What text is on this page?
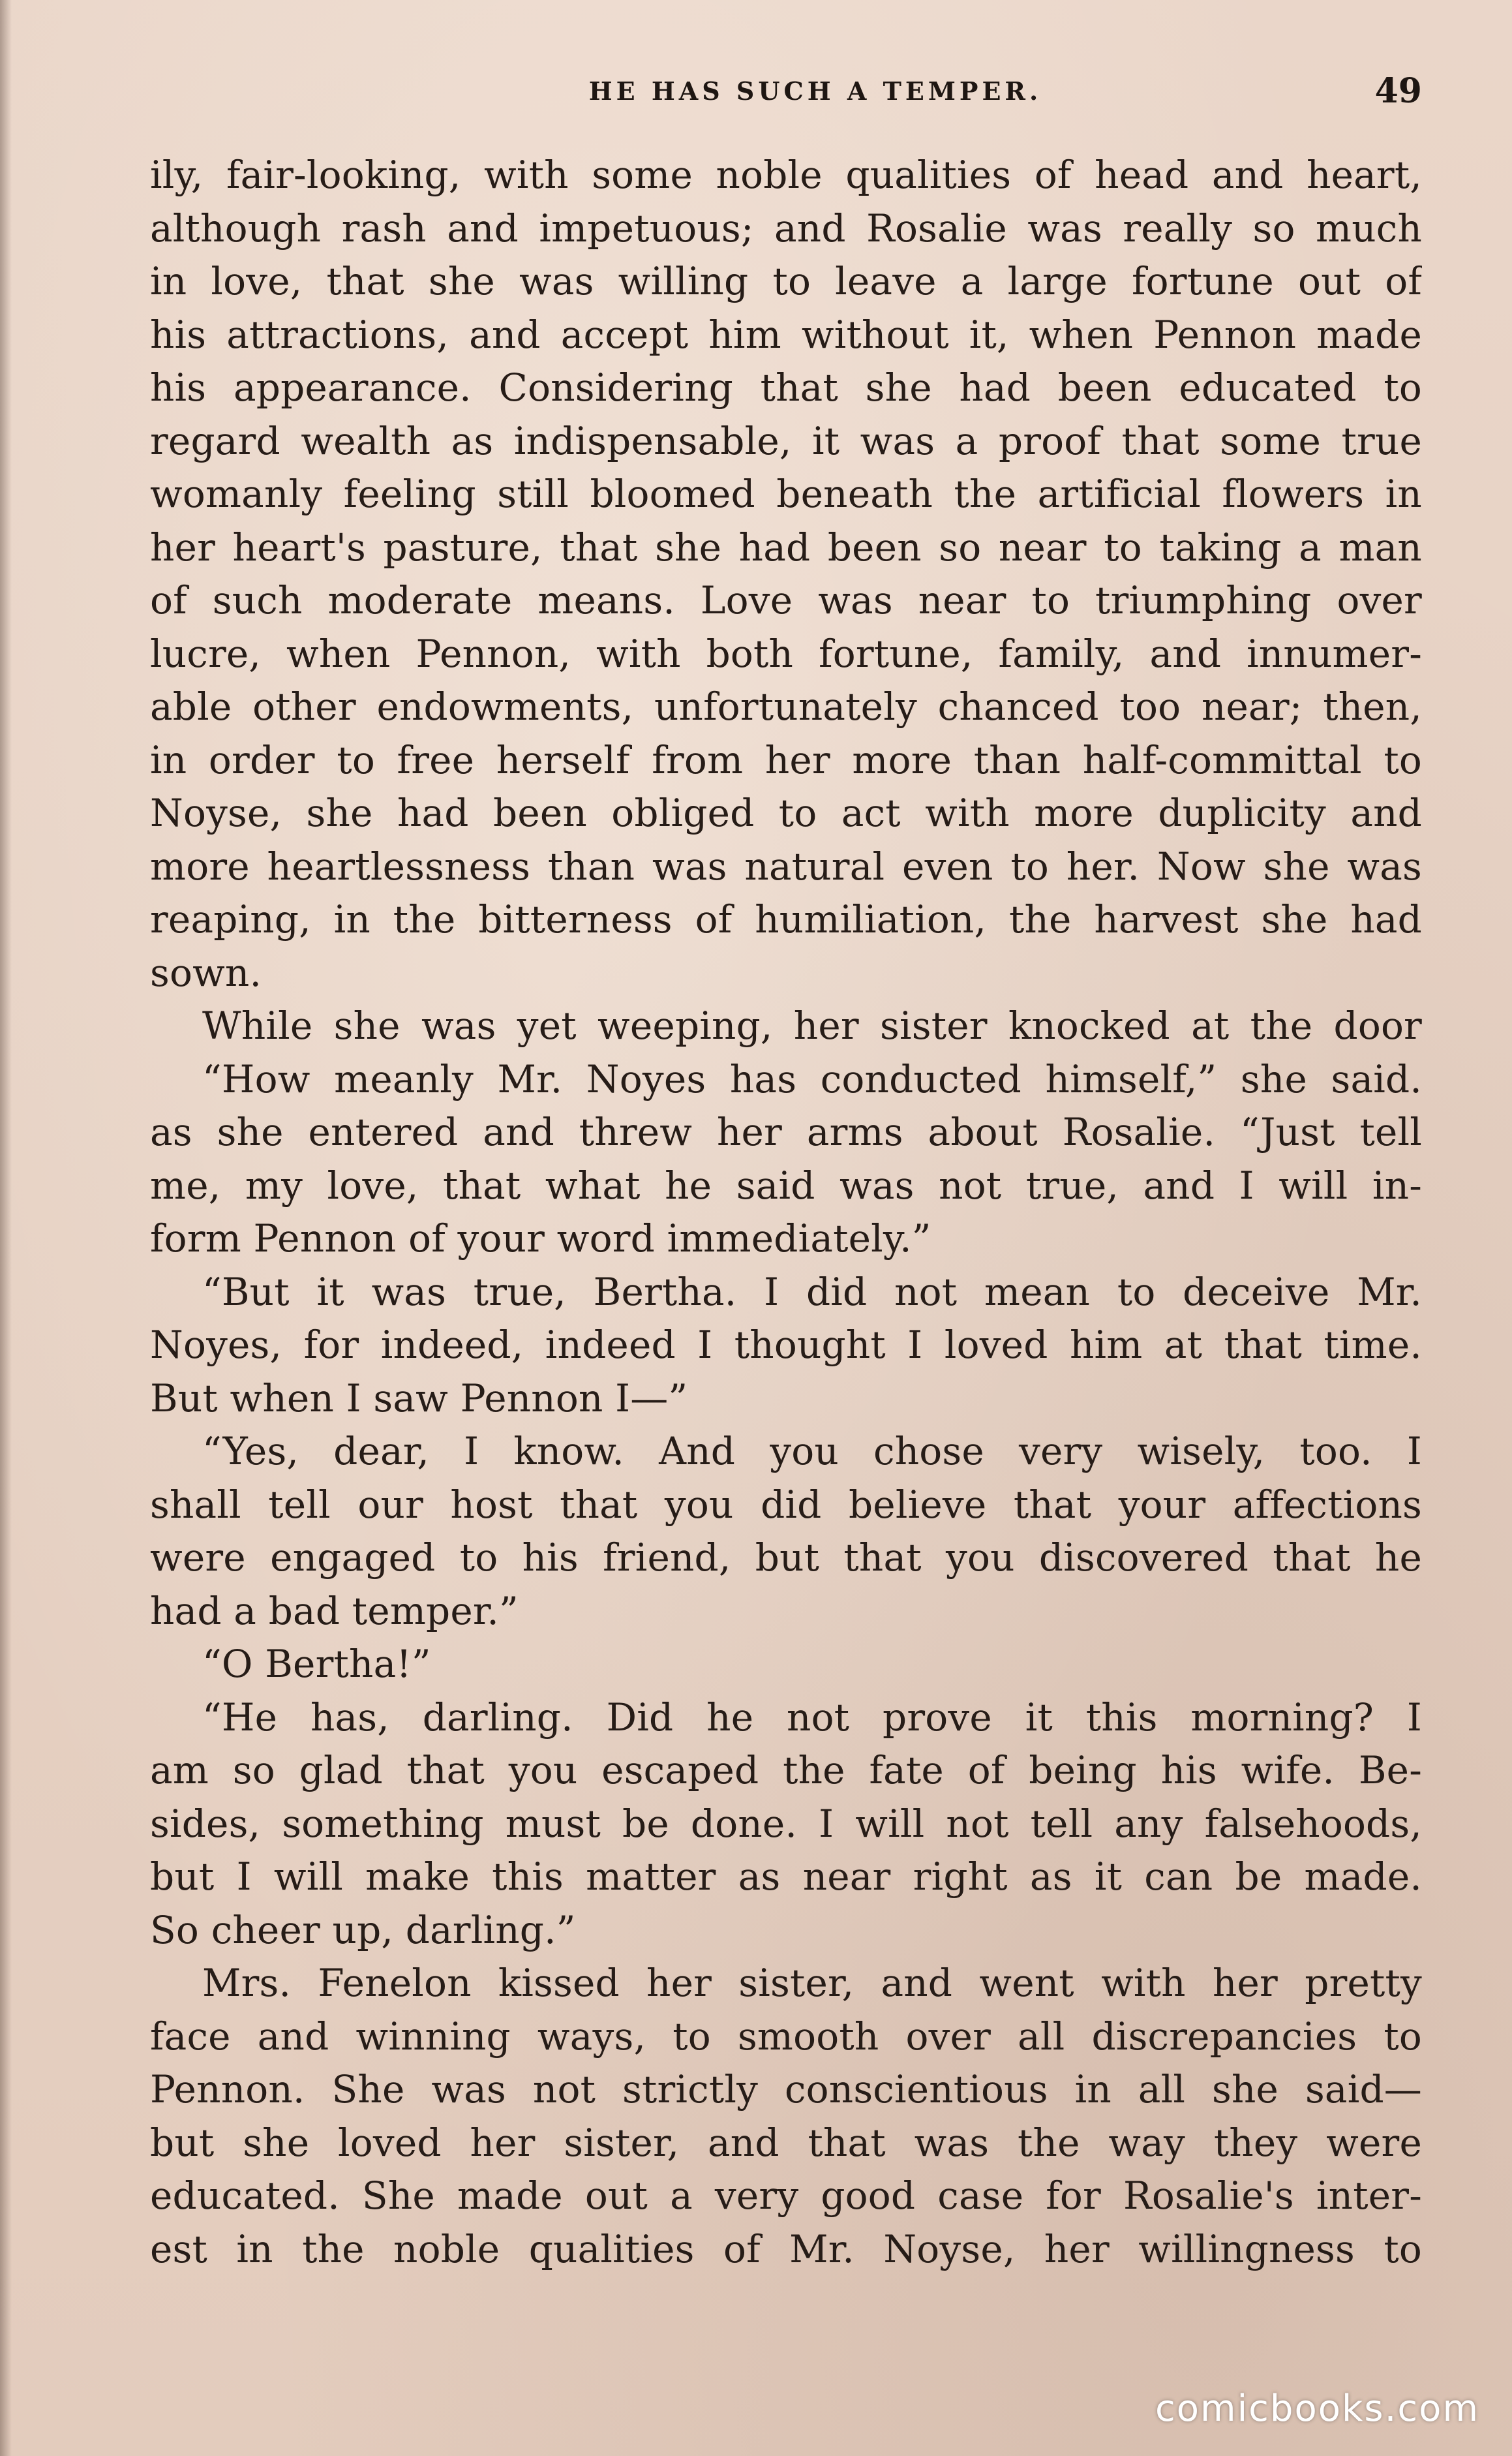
HE HAS SUCH A TEMPER.	49
ily, fair-looking, with some noble qualities of head and heart,
although rash and impetuous; and Rosalie was really so much
in love, that she was willing to leave a large fortune out of
his attractions, and accept him without it, when Pennon made
his appearance. Considering that she had been educated to
regard wealth as indispensable, it was a proof that some true
womanly feeling still bloomed beneath the artificial flowers in
her heart's pasture, that she had been so near to taking a man
of such moderate means. Love was near to triumphing over
lucre, when Pennon, with both fortune, family, and innumer-
able other endowments, unfortunately chanced too near; then,
in order to free herself from her more than half-committal to
Noyse, she had been obliged to act with more duplicity and
more heartlessness than was natural even to her. Now she was
reaping, in the bitterness of humiliation, the harvest she had
sown.
While she was yet weeping, her sister knocked at the door
“How meanly Mr. Noyes has conducted himself,” she said.
as she entered and threw her arms about Rosalie. “Just tell
me, my love, that what he said was not true, and I will in-
form Pennon of your word immediately.”
“But it was true, Bertha. I did not mean to deceive Mr.
Noyes, for indeed, indeed I thought I loved him at that time.
But when I saw Pennon I—”
“Yes, dear, I know. And you chose very wisely, too. I
shall tell our host that you did believe that your affections
were engaged to his friend, but that you discovered that he
had a bad temper.”
“O Bertha!”
“He has, darling. Did he not prove it this morning? I
am so glad that you escaped the fate of being his wife. Be-
sides, something must be done. I will not tell any falsehoods,
but I will make this matter as near right as it can be made.
So cheer up, darling.”
Mrs. Fenelon kissed her sister, and went with her pretty
face and winning ways, to smooth over all discrepancies to
Pennon. She was not strictly conscientious in all she said—
but she loved her sister, and that was the way they were
educated. She made out a very good case for Rosalie's inter-
est in the noble qualities of Mr. Noyse, her willingness to
comicbooks.com
